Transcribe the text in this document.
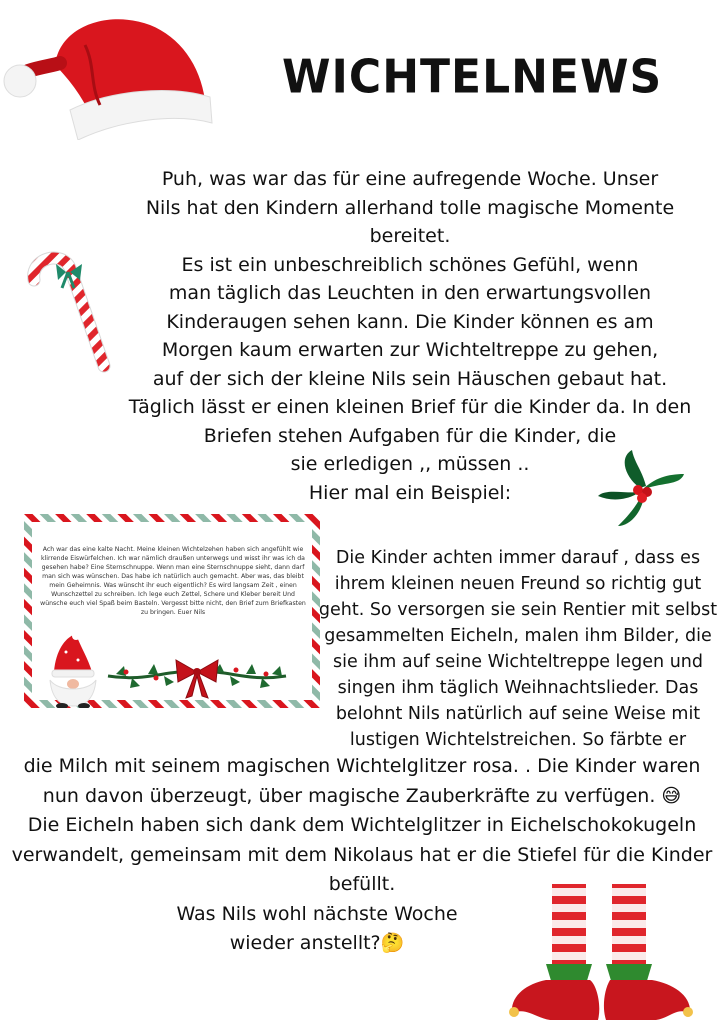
WICHTELNEWS
Puh, was war das für eine aufregende Woche. Unser
Nils hat den Kindern allerhand tolle magische Momente
bereitet.
Es ist ein unbeschreiblich schönes Gefühl, wenn
man täglich das Leuchten in den erwartungsvollen
Kinderaugen sehen kann. Die Kinder können es am
Morgen kaum erwarten zur Wichteltreppe zu gehen,
auf der sich der kleine Nils sein Häuschen gebaut hat.
Täglich lässt er einen kleinen Brief für die Kinder da. In den
Briefen stehen Aufgaben für die Kinder, die
sie erledigen ,, müssen ..
Hier mal ein Beispiel:
Ach war das eine kalte Nacht. Meine kleinen Wichtelzehen haben sich angefühlt wie klirrende Eiswürfelchen. Ich war nämlich draußen unterwegs und wisst ihr was ich da gesehen habe? Eine Sternschnuppe. Wenn man eine Sternschnuppe sieht, dann darf man sich was wünschen. Das habe ich natürlich auch gemacht. Aber was, das bleibt mein Geheimnis. Was wünscht ihr euch eigentlich? Es wird langsam Zeit , einen Wunschzettel zu schreiben. Ich lege euch Zettel, Schere und Kleber bereit Und wünsche euch viel Spaß beim Basteln. Vergesst bitte nicht, den Brief zum Briefkasten zu bringen. Euer Nils
Die Kinder achten immer darauf , dass es
ihrem kleinen neuen Freund so richtig gut
geht. So versorgen sie sein Rentier mit selbst
gesammelten Eicheln, malen ihm Bilder, die
sie ihm auf seine Wichteltreppe legen und
singen ihm täglich Weihnachtslieder. Das
belohnt Nils natürlich auf seine Weise mit
lustigen Wichtelstreichen. So färbte er
die Milch mit seinem magischen Wichtelglitzer rosa. . Die Kinder waren
nun davon überzeugt, über magische Zauberkräfte zu verfügen. 😅
Die Eicheln haben sich dank dem Wichtelglitzer in Eichelschokokugeln
verwandelt, gemeinsam mit dem Nikolaus hat er die Stiefel für die Kinder
befüllt.
Was Nils wohl nächste Woche
wieder anstellt?🤔
